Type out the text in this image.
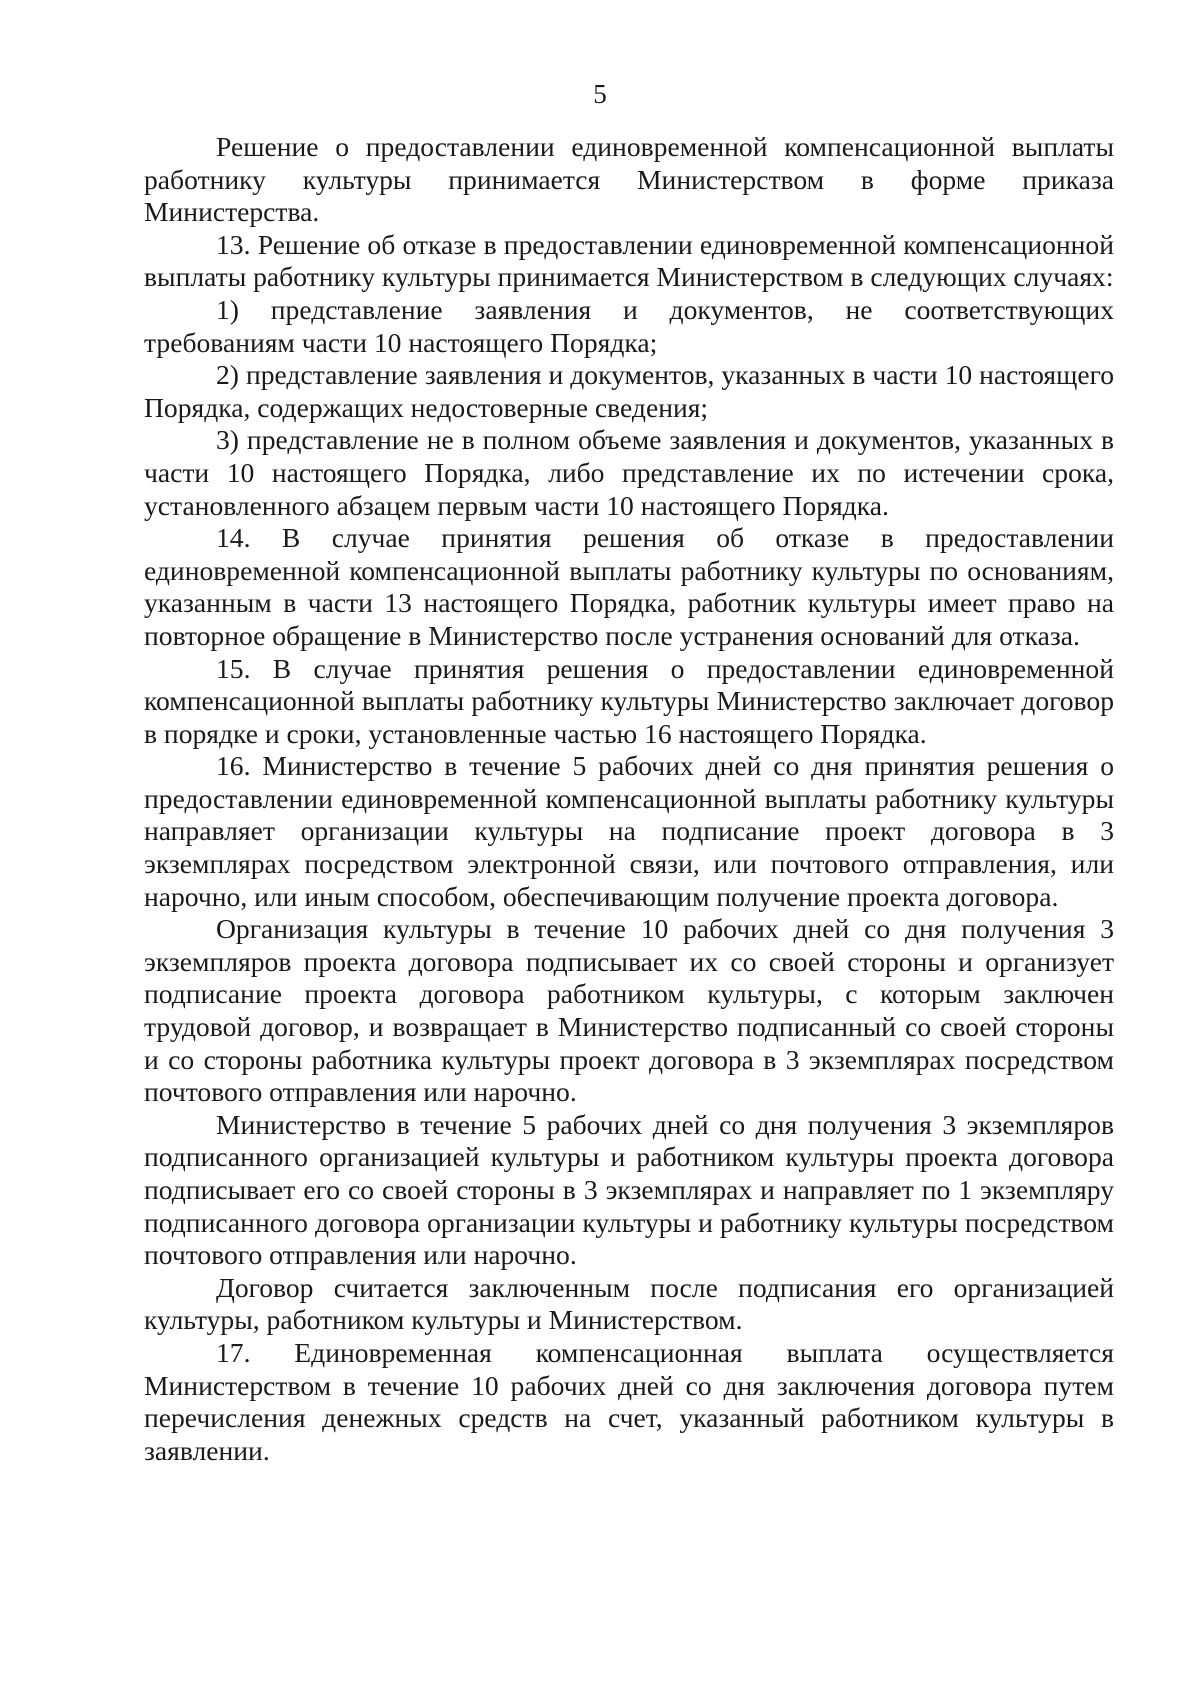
5

Решение о предоставлении единовременной компенсационной выплаты работнику культуры принимается Министерством в форме приказа Министерства.

13. Решение об отказе в предоставлении единовременной компенсационной выплаты работнику культуры принимается Министерством в следующих случаях:

1) представление заявления и документов, не соответствующих требованиям части 10 настоящего Порядка;

2) представление заявления и документов, указанных в части 10 настоящего Порядка, содержащих недостоверные сведения;

3) представление не в полном объеме заявления и документов, указанных в части 10 настоящего Порядка, либо представление их по истечении срока, установленного абзацем первым части 10 настоящего Порядка.

14. В случае принятия решения об отказе в предоставлении единовременной компенсационной выплаты работнику культуры по основаниям, указанным в части 13 настоящего Порядка, работник культуры имеет право на повторное обращение в Министерство после устранения оснований для отказа.

15. В случае принятия решения о предоставлении единовременной компенсационной выплаты работнику культуры Министерство заключает договор в порядке и сроки, установленные частью 16 настоящего Порядка.

16. Министерство в течение 5 рабочих дней со дня принятия решения о предоставлении единовременной компенсационной выплаты работнику культуры направляет организации культуры на подписание проект договора в 3 экземплярах посредством электронной связи, или почтового отправления, или нарочно, или иным способом, обеспечивающим получение проекта договора.

Организация культуры в течение 10 рабочих дней со дня получения 3 экземпляров проекта договора подписывает их со своей стороны и организует подписание проекта договора работником культуры, с которым заключен трудовой договор, и возвращает в Министерство подписанный со своей стороны и со стороны работника культуры проект договора в 3 экземплярах посредством почтового отправления или нарочно.

Министерство в течение 5 рабочих дней со дня получения 3 экземпляров подписанного организацией культуры и работником культуры проекта договора подписывает его со своей стороны в 3 экземплярах и направляет по 1 экземпляру подписанного договора организации культуры и работнику культуры посредством почтового отправления или нарочно.

Договор считается заключенным после подписания его организацией культуры, работником культуры и Министерством.

17. Единовременная компенсационная выплата осуществляется Министерством в течение 10 рабочих дней со дня заключения договора путем перечисления денежных средств на счет, указанный работником культуры в заявлении.
